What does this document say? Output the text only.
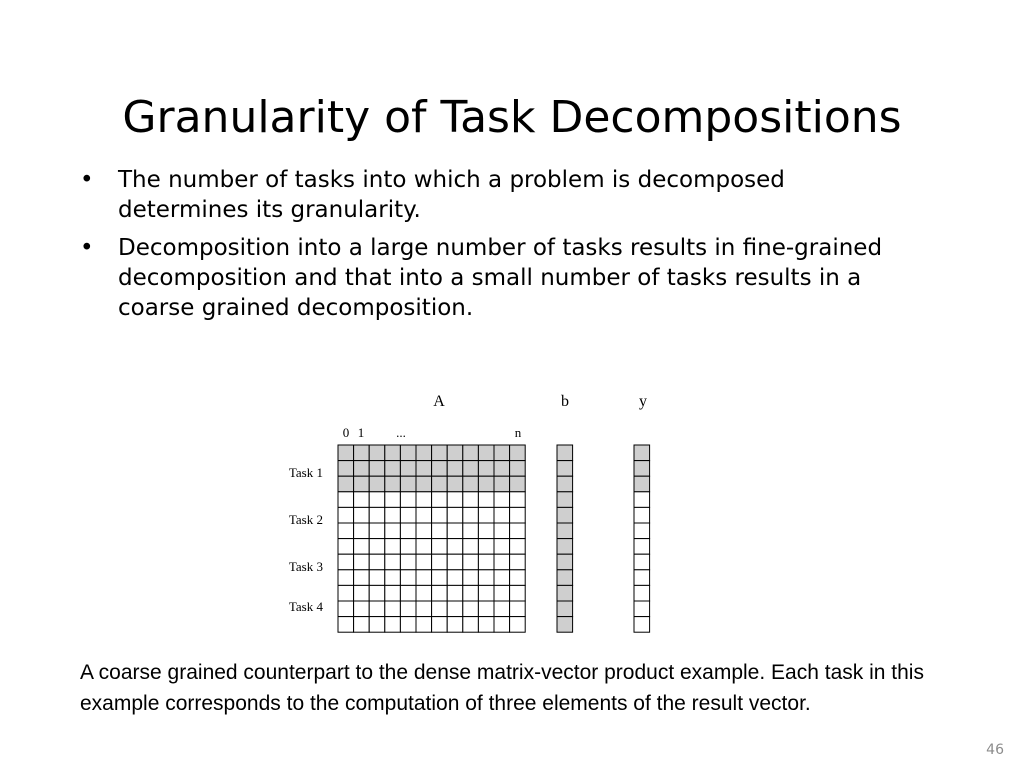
Granularity of Task Decompositions
• The number of tasks into which a problem is decomposed determines its granularity.
• Decomposition into a large number of tasks results in fine-grained decomposition and that into a small number of tasks results in a coarse grained decomposition.
A	b	y
0 1 ...	n
Task 1
Task 2
Task 3
Task 4

A coarse grained counterpart to the dense matrix-vector product example. Each task in this example corresponds to the computation of three elements of the result vector.

46
